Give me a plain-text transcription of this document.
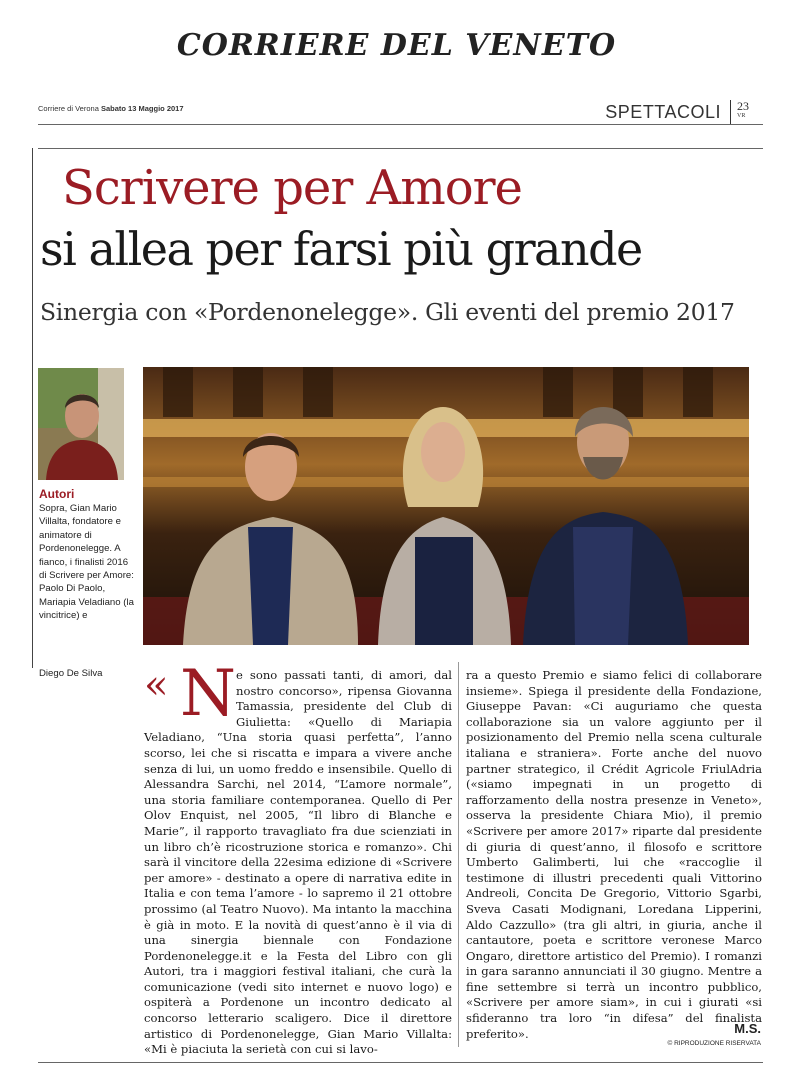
CORRIERE DEL VENETO
Corriere di Verona Sabato 13 Maggio 2017	SPETTACOLI 23
VR
Scrivere per Amore
si allea per farsi più grande
Sinergia con «Pordenonelegge». Gli eventi del premio 2017
Autori
Sopra, Gian Mario Villalta, fondatore e animatore di Pordenonelegge. A fianco, i finalisti 2016 di Scrivere per Amore: Paolo Di Paolo, Mariapia Veladiano (la vincitrice) e
Diego De Silva « N e sono passati tanti, di amori, dal nostro concorso», ripensa Giovanna Tamassia, presidente del Club di Giulietta: «Quello di Mariapia Veladiano, “Una storia quasi perfetta”, l’anno scorso, lei che si riscatta e impara a vivere anche senza di lui, un uomo freddo e insensibile. Quello di Alessandra Sarchi, nel 2014, “L’amore normale”, una storia familiare contemporanea. Quello di Per Olov Enquist, nel 2005, “Il libro di Blanche e Marie”, il rapporto travagliato fra due scienziati in un libro ch’è ricostruzione storica e romanzo». Chi sarà il vincitore della 22esima edizione di «Scrivere per amore» - destinato a opere di narrativa edite in Italia e con tema l’amore - lo sapremo il 21 ottobre prossimo (al Teatro Nuovo). Ma intanto la macchina è già in moto. E la novità di quest’anno è il via di una sinergia biennale con Fondazione Pordenonelegge.it e la Festa del Libro con gli Autori, tra i maggiori festival italiani, che curà la comunicazione (vedi sito internet e nuovo logo) e ospiterà a Pordenone un incontro dedicato al concorso letterario scaligero. Dice il direttore artistico di Pordenonelegge, Gian Mario Villalta: «Mi è piaciuta la serietà con cui si lavo-
ra a questo Premio e siamo felici di collaborare insieme». Spiega il presidente della Fondazione, Giuseppe Pavan: «Ci auguriamo che questa collaborazione sia un valore aggiunto per il posizionamento del Premio nella scena culturale italiana e straniera». Forte anche del nuovo partner strategico, il Crédit Agricole FriulAdria («siamo impegnati in un progetto di rafforzamento della nostra presenze in Veneto», osserva la presidente Chiara Mio), il premio «Scrivere per amore 2017» riparte dal presidente di giuria di quest’anno, il filosofo e scrittore Umberto Galimberti, lui che «raccoglie il testimone di illustri precedenti quali Vittorino Andreoli, Concita De Gregorio, Vittorio Sgarbi, Sveva Casati Modignani, Loredana Lipperini, Aldo Cazzullo» (tra gli altri, in giuria, anche il cantautore, poeta e scrittore veronese Marco Ongaro, direttore artistico del Premio). I romanzi in gara saranno annunciati il 30 giugno. Mentre a fine settembre si terrà un incontro pubblico, «Scrivere per amore siam», in cui i giurati «si sfideranno tra loro “in difesa” del finalista preferito».	M.S.
© RIPRODUZIONE RISERVATA
